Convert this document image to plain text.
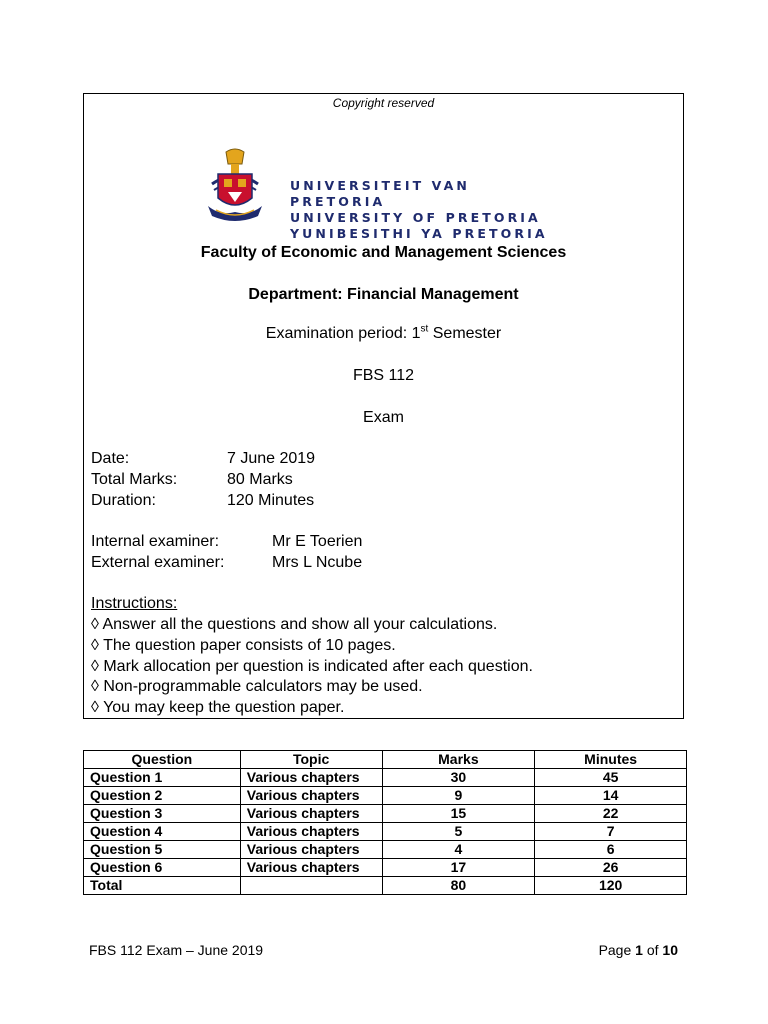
Copyright reserved
UNIVERSITEIT VAN PRETORIA
UNIVERSITY OF PRETORIA
YUNIBESITHI YA PRETORIA
Faculty of Economic and Management Sciences
Department: Financial Management
Examination period: 1st Semester
FBS 112
Exam
Date:	7 June 2019
Total Marks:	80 Marks
Duration:	120 Minutes
Internal examiner:	Mr E Toerien
External examiner:	Mrs L Ncube
Instructions:
◊ Answer all the questions and show all your calculations.
◊ The question paper consists of 10 pages.
◊ Mark allocation per question is indicated after each question.
◊ Non-programmable calculators may be used.
◊ You may keep the question paper.
Question	Topic	Marks	Minutes
Question 1	Various chapters	30	45
Question 2	Various chapters	9	14
Question 3	Various chapters	15	22
Question 4	Various chapters	5	7
Question 5	Various chapters	4	6
Question 6	Various chapters	17	26
Total		80	120
FBS 112 Exam – June 2019	Page 1 of 10
